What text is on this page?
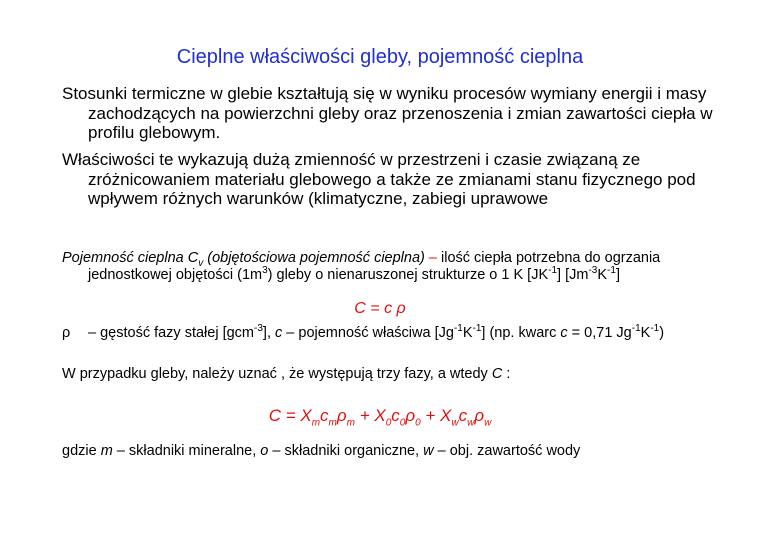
Cieplne właściwości gleby, pojemność cieplna
Stosunki termiczne w glebie kształtują się w wyniku procesów wymiany energii i masy zachodzących na powierzchni gleby oraz przenoszenia i zmian zawartości ciepła w profilu glebowym.
Właściwości te wykazują dużą zmienność w przestrzeni i czasie związaną ze zróżnicowaniem materiału glebowego a także ze zmianami stanu fizycznego pod wpływem różnych warunków (klimatyczne, zabiegi uprawowe
Pojemność cieplna $C_v$ (objętościowa pojemność cieplna) – ilość ciepła potrzebna do ogrzania jednostkowej objętości $(1m^3)$ gleby o nienaruszonej strukturze o 1 K $[JK^{-1}]$ $[Jm^{-3}K^{-1}]$
C = c ρ
ρ – gęstość fazy stałej [gcm$^{-3}$], c – pojemność właściwa $[Jg^{-1}K^{-1}]$ (np. kwarc c = 0,71 $Jg^{-1}K^{-1}$)
W przypadku gleby, należy uznać , że występują trzy fazy, a wtedy C :
$C = X_mc_m\rho_m + X_0c_0\rho_0 + X_wc_w\rho_w$
gdzie m – składniki mineralne, o – składniki organiczne, w – obj. zawartość wody
